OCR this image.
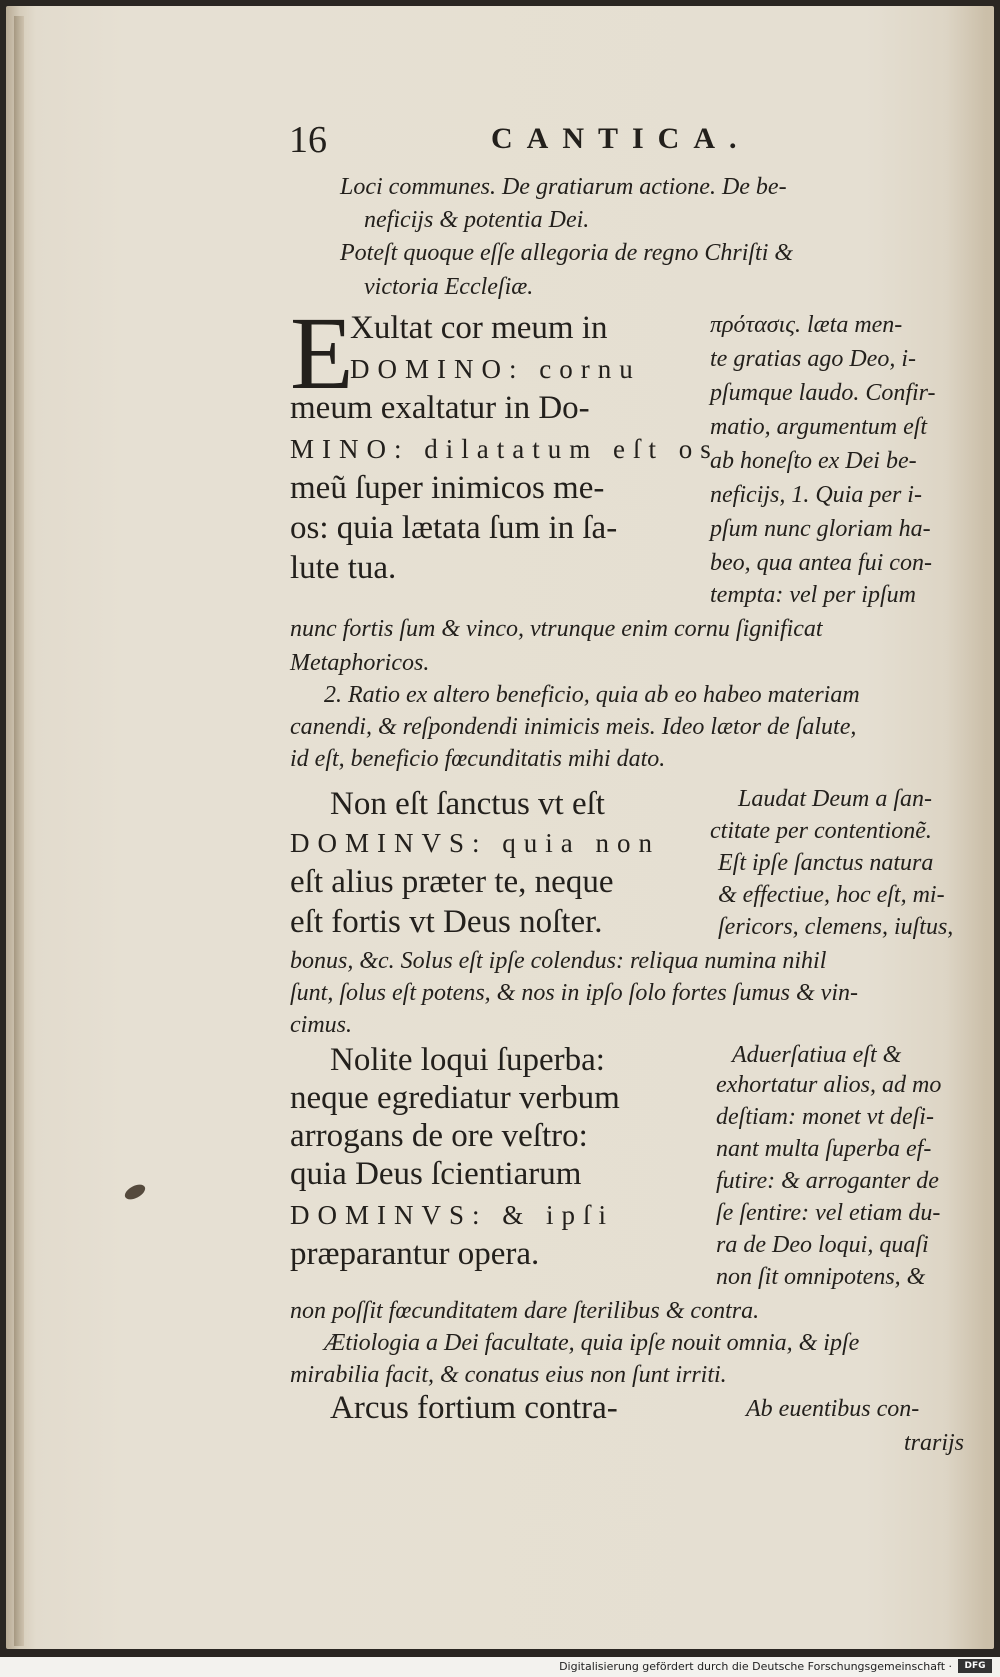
16	CANTICA.
Loci communes. De gratiarum actione. De be-
neficijs & potentia Dei.
Poteſt quoque eſſe allegoria de regno Chriſti &
victoria Eccleſiæ.
E
Xultat cor meum in
DOMINO: cornu
meum exaltatur in Do-
MINO: dilatatum eſt os
meũ ſuper inimicos me-
os: quia lætata ſum in ſa-
lute tua.
πρότασις. læta men-
te gratias ago Deo, i-
pſumque laudo. Confir-
matio, argumentum eſt
ab honeſto ex Dei be-
neficijs, 1. Quia per i-
pſum nunc gloriam ha-
beo, qua antea fui con-
tempta: vel per ipſum
nunc fortis ſum & vinco, vtrunque enim cornu ſignificat
Metaphoricos.
2. Ratio ex altero beneficio, quia ab eo habeo materiam
canendi, & reſpondendi inimicis meis. Ideo lætor de ſalute,
id eſt, beneficio fœcunditatis mihi dato.
Non eſt ſanctus vt eſt
DOMINVS: quia non
eſt alius præter te, neque
eſt fortis vt Deus noſter.
Laudat Deum a ſan-
ctitate per contentionẽ.
Eſt ipſe ſanctus natura
& effectiue, hoc eſt, mi-
ſericors, clemens, iuſtus,
bonus, &c. Solus eſt ipſe colendus: reliqua numina nihil
ſunt, ſolus eſt potens, & nos in ipſo ſolo fortes ſumus & vin-
cimus.
Nolite loqui ſuperba:
neque egrediatur verbum
arrogans de ore veſtro:
quia Deus ſcientiarum
DOMINVS: & ipſi
præparantur opera.
Aduerſatiua eſt &
exhortatur alios, ad mo
deſtiam: monet vt deſi-
nant multa ſuperba ef-
futire: & arroganter de
ſe ſentire: vel etiam du-
ra de Deo loqui, quaſi
non ſit omnipotens, &
non poſſit fœcunditatem dare ſterilibus & contra.
Ætiologia a Dei facultate, quia ipſe nouit omnia, & ipſe
mirabilia facit, & conatus eius non ſunt irriti.
Arcus fortium contra-	Ab euentibus con-
trarijs
Digitalisierung gefördert durch die Deutsche Forschungsgemeinschaft ·	DFG
